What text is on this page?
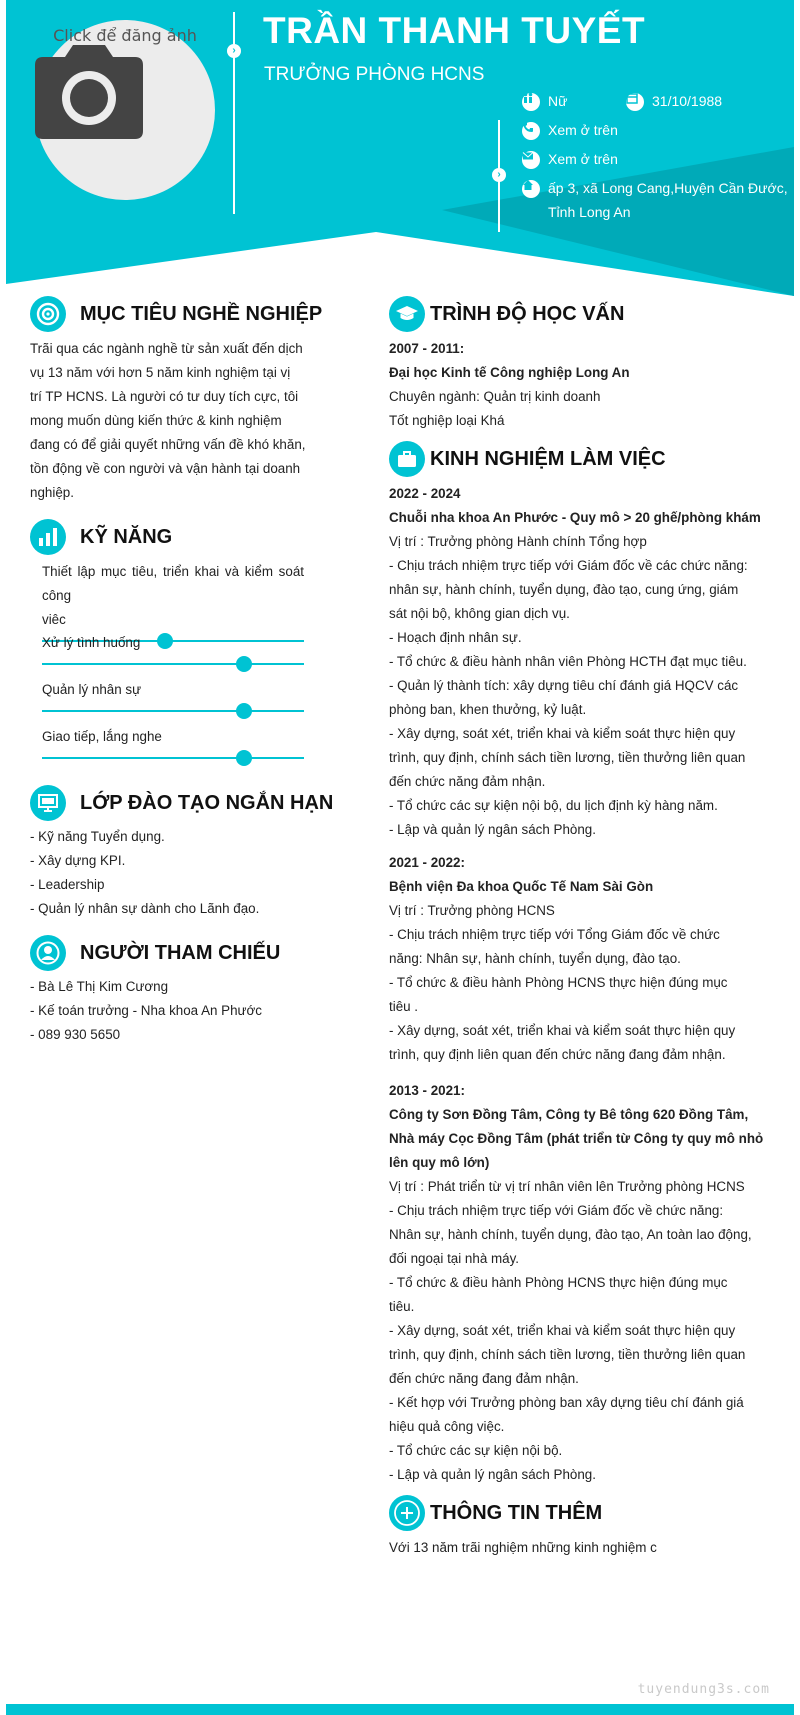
Click để đăng ảnh
› TRẦN THANH TUYẾT
TRƯỞNG PHÒNG HCNS
›
Nữ	31/10/1988
Xem ở trên
Xem ở trên
ấp 3, xã Long Cang,Huyện Cần Đước,
Tỉnh Long An
MỤC TIÊU NGHỀ NGHIỆP

Trãi qua các ngành nghề từ sản xuất đến dịch

vụ 13 năm với hơn 5 năm kinh nghiệm tại vị

trí TP HCNS. Là người có tư duy tích cực, tôi

mong muốn dùng kiến thức & kinh nghiệm

đang có để giải quyết những vấn đề khó khăn,

tồn động về con người và vận hành tại doanh

nghiệp.

KỸ NĂNG
Thiết lập mục tiêu, triển khai và kiểm soát công
viêc
Xử lý tình huống
Quản lý nhân sự
Giao tiếp, lắng nghe
LỚP ĐÀO TẠO NGẮN HẠN
- Kỹ năng Tuyển dụng.
- Xây dựng KPI.
- Leadership
- Quản lý nhân sự dành cho Lãnh đạo.
NGƯỜI THAM CHIẾU
- Bà Lê Thị Kim Cương
- Kế toán trưởng - Nha khoa An Phước
- 089 930 5650
TRÌNH ĐỘ HỌC VẤN

2007 - 2011:

Đại học Kinh tế Công nghiệp Long An

Chuyên ngành: Quản trị kinh doanh

Tốt nghiệp loại Khá

KINH NGHIỆM LÀM VIỆC

2022 - 2024

Chuỗi nha khoa An Phước - Quy mô > 20 ghế/phòng khám

Vị trí : Trưởng phòng Hành chính Tổng hợp

- Chịu trách nhiệm trực tiếp với Giám đốc về các chức năng:

nhân sự, hành chính, tuyển dụng, đào tạo, cung ứng, giám

sát nội bộ, không gian dịch vụ.

- Hoạch định nhân sự.

- Tổ chức & điều hành nhân viên Phòng HCTH đạt mục tiêu.

- Quản lý thành tích: xây dựng tiêu chí đánh giá HQCV các

phòng ban, khen thưởng, kỷ luật.

- Xây dựng, soát xét, triển khai và kiểm soát thực hiện quy

trình, quy định, chính sách tiền lương, tiền thưởng liên quan

đến chức năng đảm nhận.

- Tổ chức các sự kiện nội bộ, du lịch định kỳ hàng năm.

- Lập và quản lý ngân sách Phòng.

2021 - 2022:

Bệnh viện Đa khoa Quốc Tế Nam Sài Gòn

Vị trí : Trưởng phòng HCNS

- Chịu trách nhiệm trực tiếp với Tổng Giám đốc về chức

năng: Nhân sự, hành chính, tuyển dụng, đào tạo.

- Tổ chức & điều hành Phòng HCNS thực hiện đúng mục

tiêu .

- Xây dựng, soát xét, triển khai và kiểm soát thực hiện quy

trình, quy định liên quan đến chức năng đang đảm nhận.

2013 - 2021:

Công ty Sơn Đồng Tâm, Công ty Bê tông 620 Đồng Tâm,

Nhà máy Cọc Đồng Tâm (phát triển từ Công ty quy mô nhỏ

lên quy mô lớn)

Vị trí : Phát triển từ vị trí nhân viên lên Trưởng phòng HCNS

- Chịu trách nhiệm trực tiếp với Giám đốc về chức năng:

Nhân sự, hành chính, tuyển dụng, đào tạo, An toàn lao động,

đối ngoại tại nhà máy.

- Tổ chức & điều hành Phòng HCNS thực hiện đúng mục

tiêu.

- Xây dựng, soát xét, triển khai và kiểm soát thực hiện quy

trình, quy định, chính sách tiền lương, tiền thưởng liên quan

đến chức năng đang đảm nhận.

- Kết hợp với Trưởng phòng ban xây dựng tiêu chí đánh giá

hiệu quả công việc.

- Tổ chức các sự kiện nội bộ.

- Lập và quản lý ngân sách Phòng.

THÔNG TIN THÊM
Với 13 năm trãi nghiệm những kinh nghiệm c
tuyendung3s.com
